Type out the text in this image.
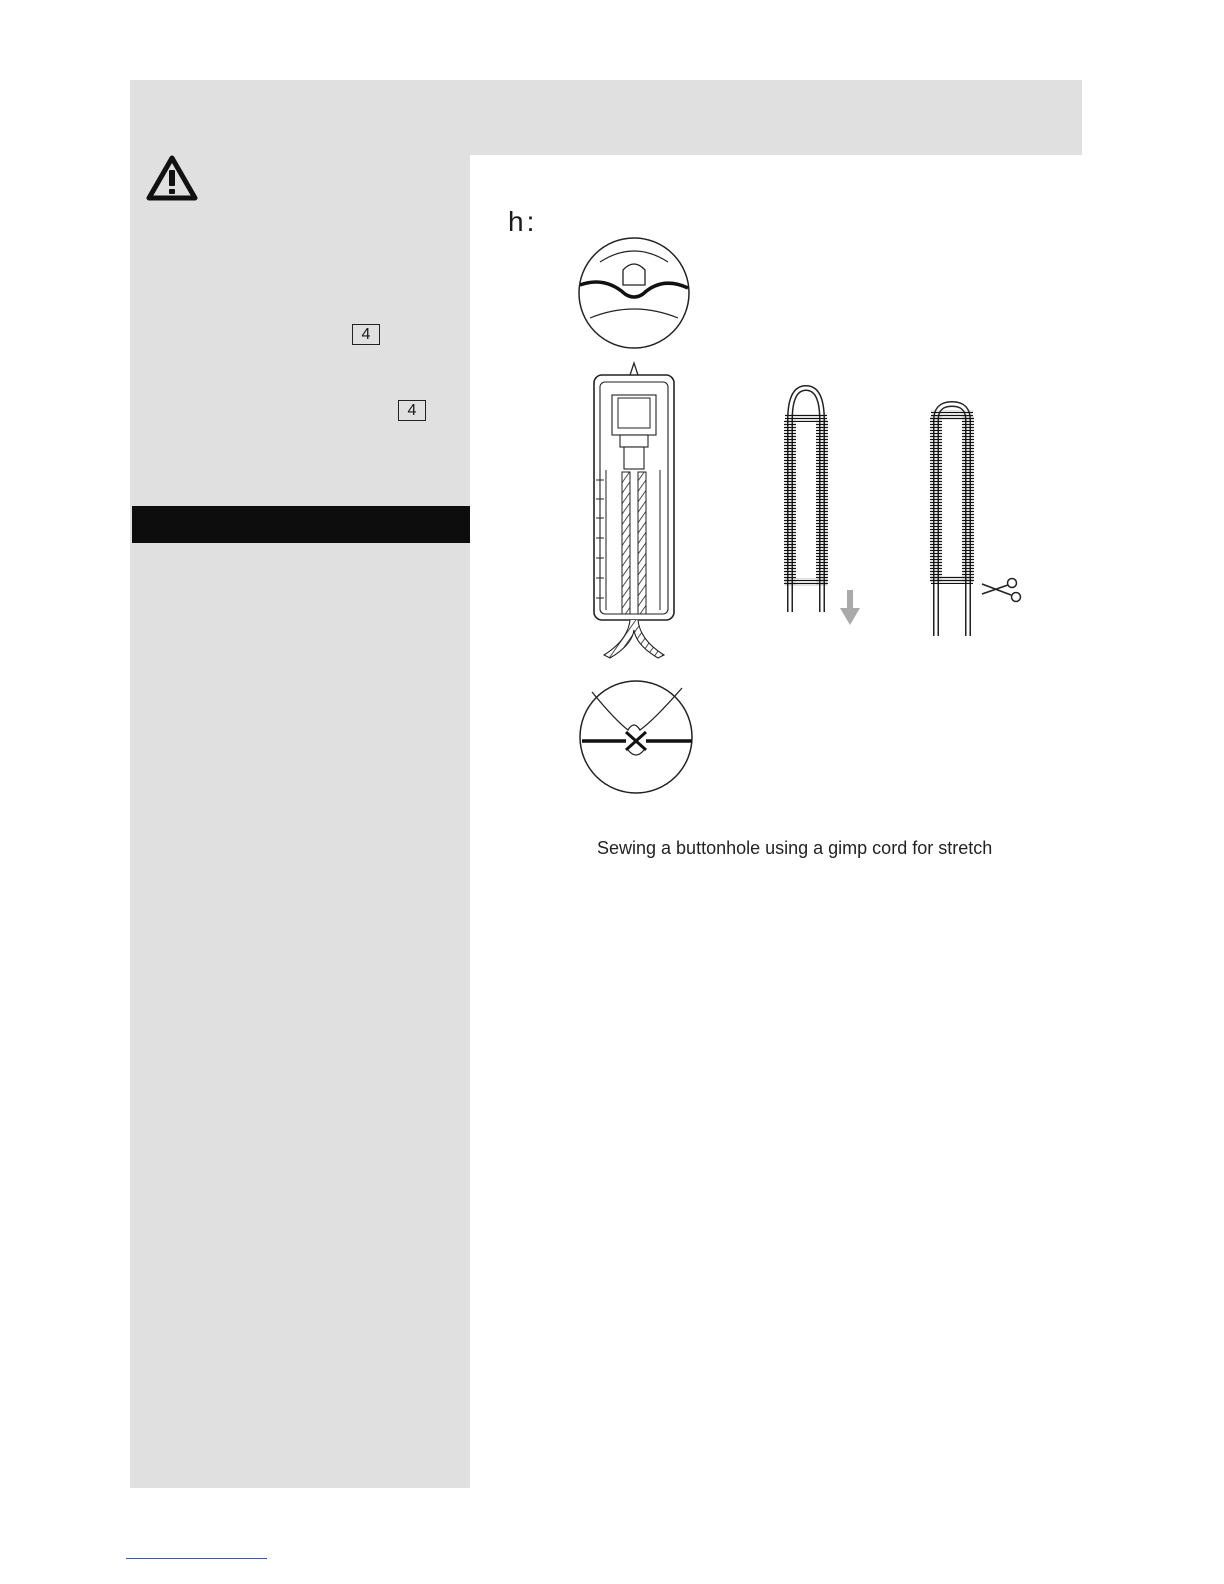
4
4
h:
Sewing a buttonhole using a gimp cord for stretch
